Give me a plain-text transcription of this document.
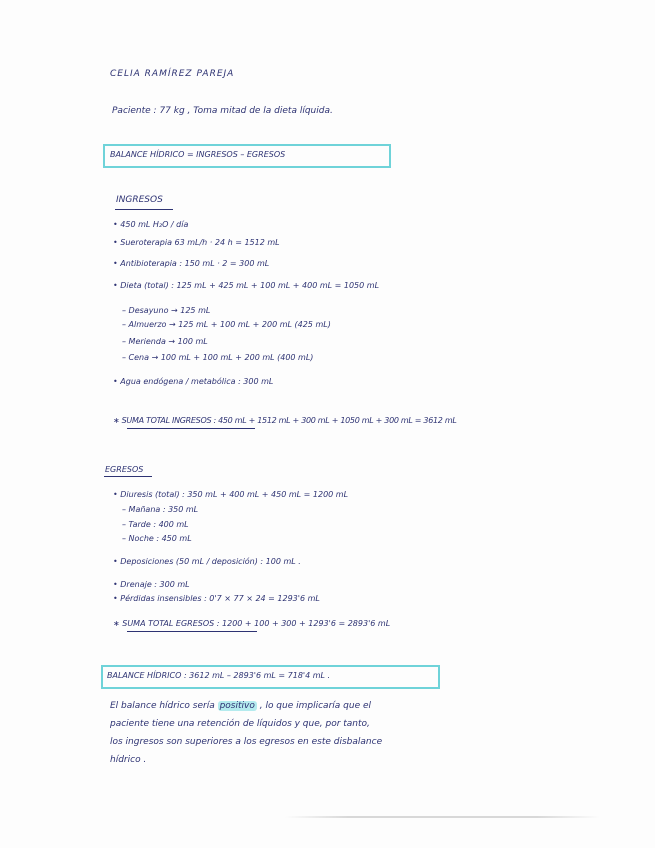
CELIA RAMÍREZ PAREJA
Paciente : 77 kg , Toma mitad de la dieta líquida.
BALANCE HÍDRICO = INGRESOS – EGRESOS
INGRESOS
• 450 mL H₂O / día
• Sueroterapia 63 mL/h · 24 h = 1512 mL
• Antibioterapia : 150 mL · 2 = 300 mL
• Dieta (total) : 125 mL + 425 mL + 100 mL + 400 mL = 1050 mL
– Desayuno → 125 mL
– Almuerzo → 125 mL + 100 mL + 200 mL (425 mL)
– Merienda → 100 mL
– Cena → 100 mL + 100 mL + 200 mL (400 mL)
• Agua endógena / metabólica : 300 mL
∗ SUMA TOTAL INGRESOS : 450 mL + 1512 mL + 300 mL + 1050 mL + 300 mL = 3612 mL
EGRESOS
• Diuresis (total) : 350 mL + 400 mL + 450 mL = 1200 mL
– Mañana : 350 mL
– Tarde : 400 mL
– Noche : 450 mL
• Deposiciones (50 mL / deposición) : 100 mL .
• Drenaje : 300 mL
• Pérdidas insensibles : 0'7 × 77 × 24 = 1293'6 mL
∗ SUMA TOTAL EGRESOS : 1200 + 100 + 300 + 1293'6 = 2893'6 mL
BALANCE HÍDRICO : 3612 mL – 2893'6 mL = 718'4 mL .
El balance hídrico sería positivo , lo que implicaría que el
paciente tiene una retención de líquidos y que, por tanto,
los ingresos son superiores a los egresos en este disbalance
hídrico .
